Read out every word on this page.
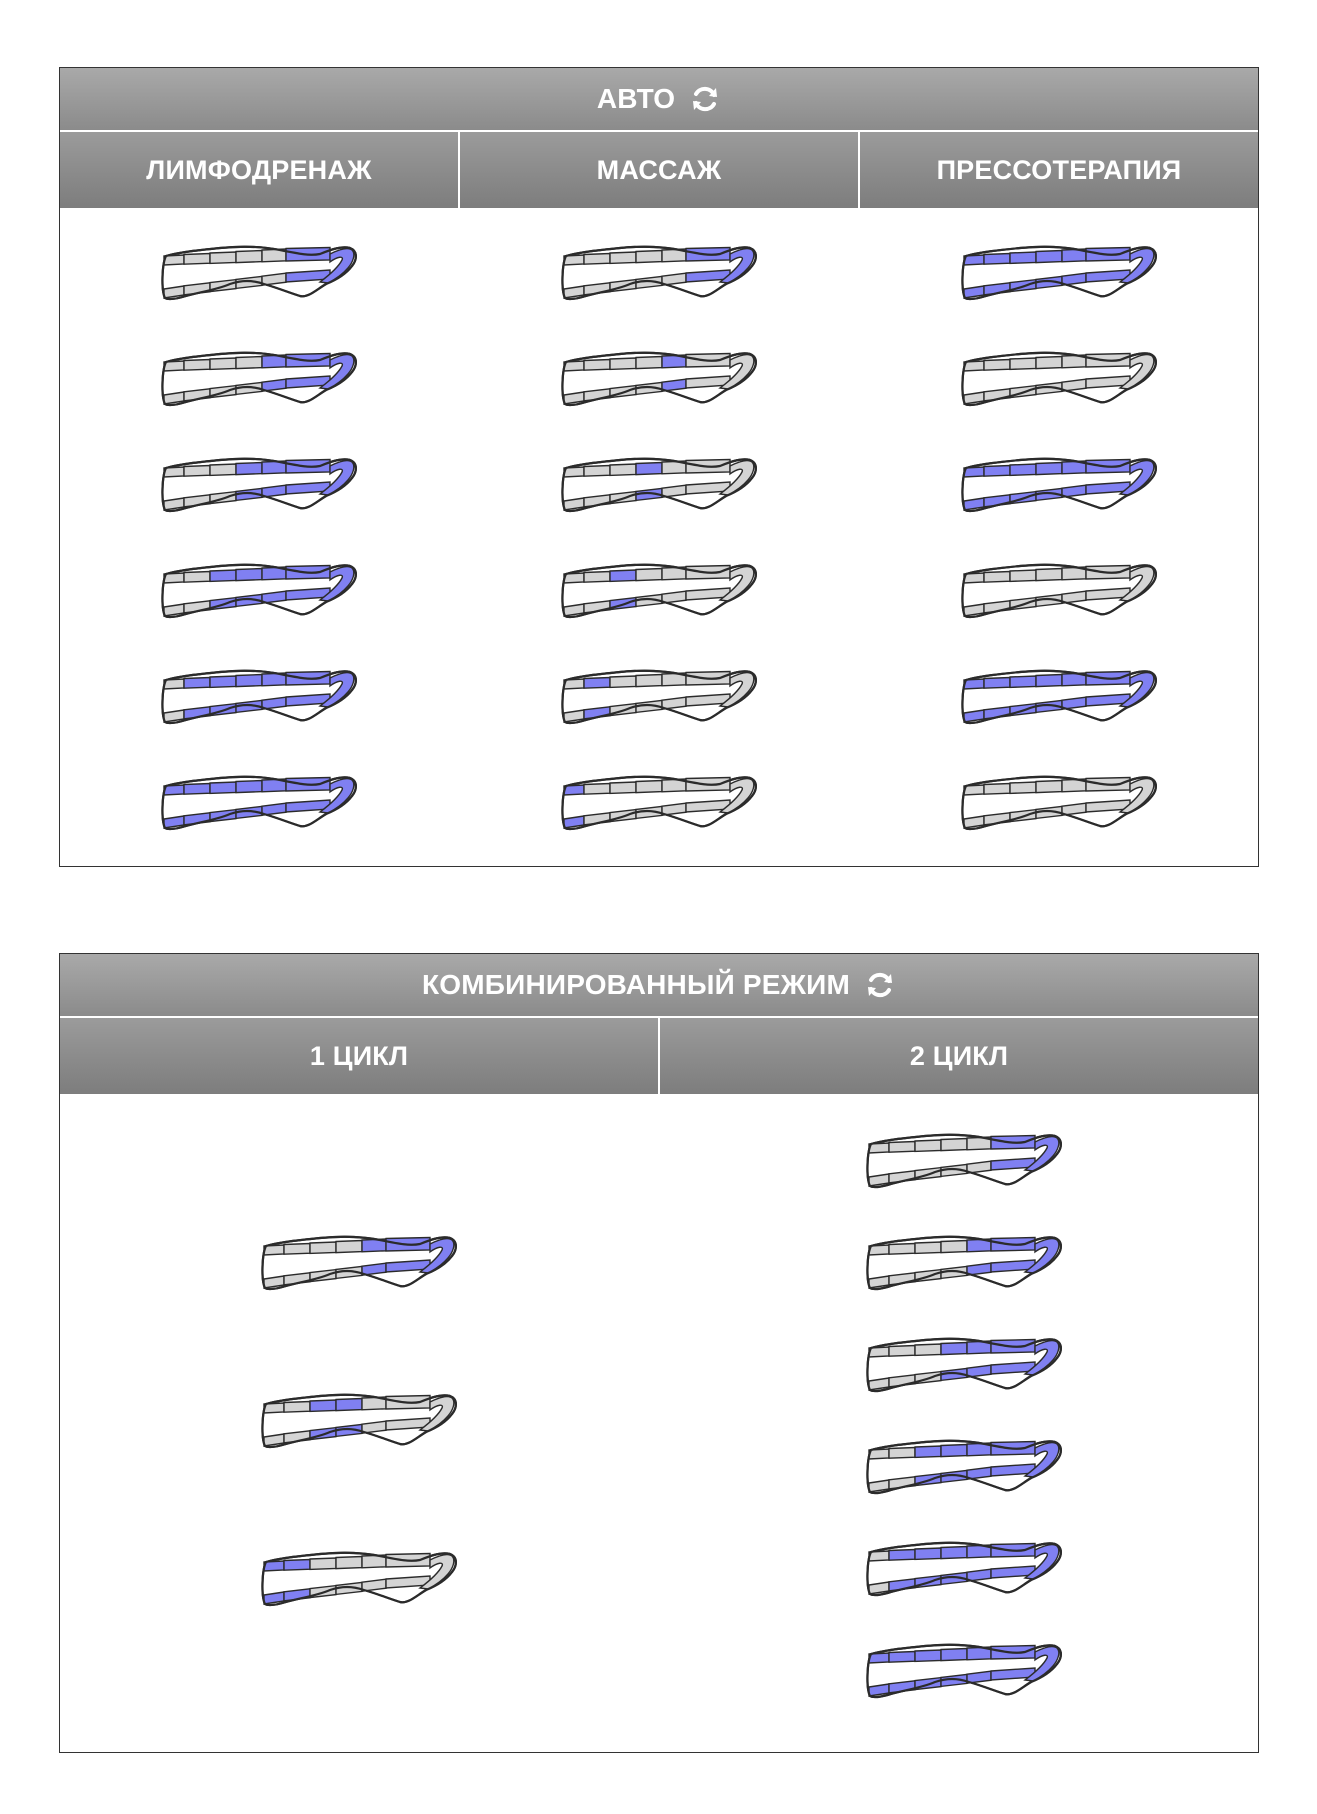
АВТО
ЛИМФОДРЕНАЖ	МАССАЖ	ПРЕССОТЕРАПИЯ
КОМБИНИРОВАННЫЙ РЕЖИМ
1 ЦИКЛ	2 ЦИКЛ
